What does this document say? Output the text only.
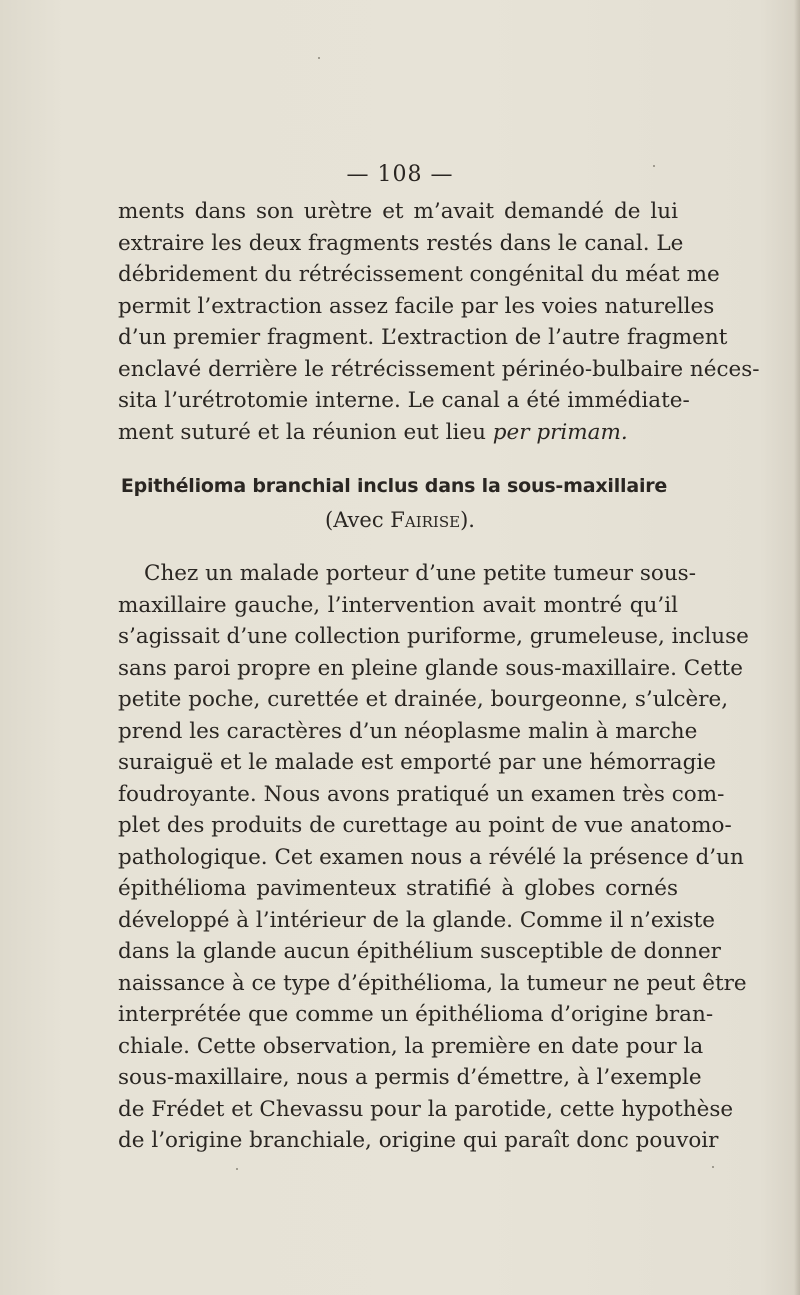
— 108 —
ments dans son urètre et m’avait demandé de lui
extraire les deux fragments restés dans le canal. Le
débridement du rétrécissement congénital du méat me
permit l’extraction assez facile par les voies naturelles
d’un premier fragment. L’extraction de l’autre fragment
enclavé derrière le rétrécissement périnéo-bulbaire néces-
sita l’urétrotomie interne. Le canal a été immédiate-
ment suturé et la réunion eut lieu per primam.
Epithélioma branchial inclus dans la sous-maxillaire
(Avec Fairise).
Chez un malade porteur d’une petite tumeur sous-
maxillaire gauche, l’intervention avait montré qu’il
s’agissait d’une collection puriforme, grumeleuse, incluse
sans paroi propre en pleine glande sous-maxillaire. Cette
petite poche, curettée et drainée, bourgeonne, s’ulcère,
prend les caractères d’un néoplasme malin à marche
suraiguë et le malade est emporté par une hémorragie
foudroyante. Nous avons pratiqué un examen très com-
plet des produits de curettage au point de vue anatomo-
pathologique. Cet examen nous a révélé la présence d’un
épithélioma pavimenteux stratifié à globes cornés
développé à l’intérieur de la glande. Comme il n’existe
dans la glande aucun épithélium susceptible de donner
naissance à ce type d’épithélioma, la tumeur ne peut être
interprétée que comme un épithélioma d’origine bran-
chiale. Cette observation, la première en date pour la
sous-maxillaire, nous a permis d’émettre, à l’exemple
de Frédet et Chevassu pour la parotide, cette hypothèse
de l’origine branchiale, origine qui paraît donc pouvoir
